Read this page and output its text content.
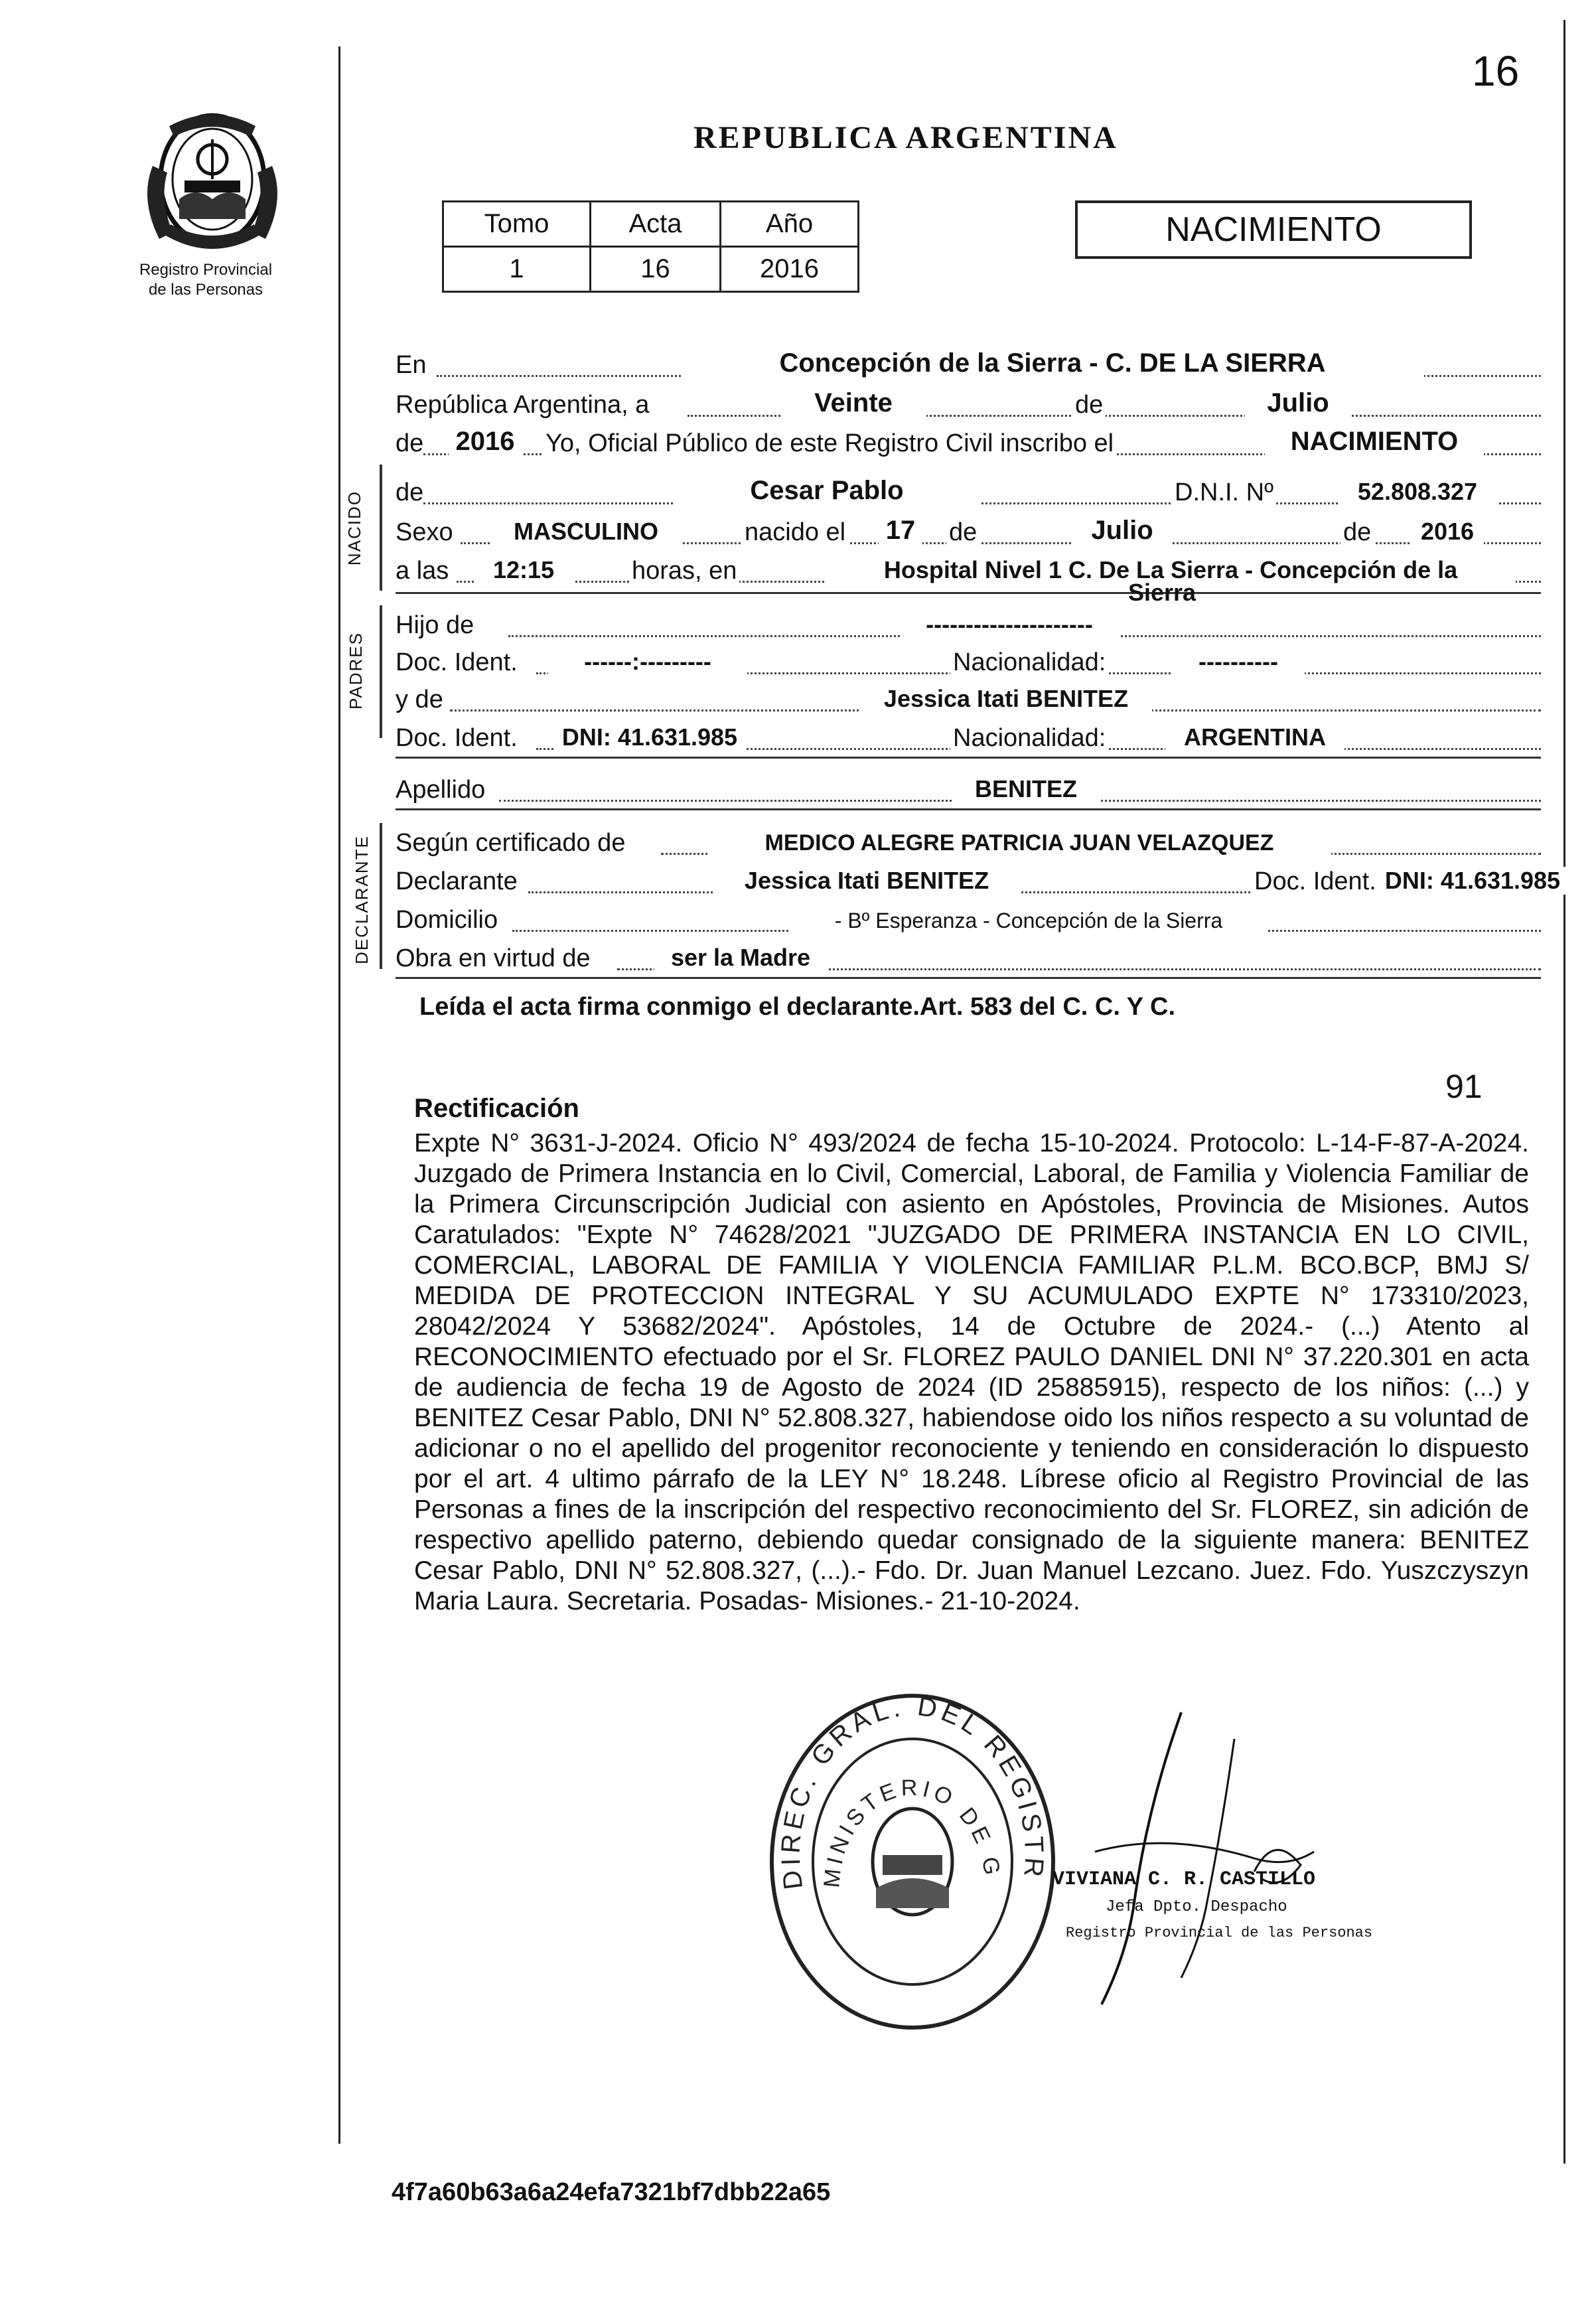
16
Registro Provincial
de las Personas
REPUBLICA ARGENTINA
Tomo	Acta	Año
1	16	2016
NACIMIENTO
En	Concepción de la Sierra - C. DE LA SIERRA
República Argentina, a	Veinte	de	Julio
de 2016 Yo, Oficial Público de este Registro Civil inscribo el	NACIMIENTO
NACIDO de	Cesar Pablo	D.N.I. Nº	52.808.327
Sexo	MASCULINO	nacido el 17 de	Julio	de	2016
a las	12:15	horas, en	Hospital Nivel 1 C. De La Sierra - Concepción de la
Sierra
PADRES
Hijo de	---------------------
Doc. Ident.	------:---------	Nacionalidad:	----------
y de	Jessica Itati BENITEZ
Doc. Ident.	DNI: 41.631.985	Nacionalidad:	ARGENTINA
Apellido	BENITEZ
DECLARANTE Según certificado de	MEDICO ALEGRE PATRICIA JUAN VELAZQUEZ
Declarante	Jessica Itati BENITEZ	Doc. Ident. DNI: 41.631.985
Domicilio	- Bº Esperanza - Concepción de la Sierra
Obra en virtud de	ser la Madre
Leída el acta firma conmigo el declarante.Art. 583 del C. C. Y C.
91
Rectificación
Expte N° 3631-J-2024. Oficio N° 493/2024 de fecha 15-10-2024. Protocolo: L-14-F-87-A-2024. Juzgado de Primera Instancia en lo Civil, Comercial, Laboral, de Familia y Violencia Familiar de la Primera Circunscripción Judicial con asiento en Apóstoles, Provincia de Misiones. Autos Caratulados: "Expte N° 74628/2021 "JUZGADO DE PRIMERA INSTANCIA EN LO CIVIL, COMERCIAL, LABORAL DE FAMILIA Y VIOLENCIA FAMILIAR P.L.M. BCO.BCP, BMJ S/ MEDIDA DE PROTECCION INTEGRAL Y SU ACUMULADO EXPTE N° 173310/2023, 28042/2024 Y 53682/2024". Apóstoles, 14 de Octubre de 2024.- (...) Atento al RECONOCIMIENTO efectuado por el Sr. FLOREZ PAULO DANIEL DNI N° 37.220.301 en acta de audiencia de fecha 19 de Agosto de 2024 (ID 25885915), respecto de los niños: (...) y BENITEZ Cesar Pablo, DNI N° 52.808.327, habiendose oido los niños respecto a su voluntad de adicionar o no el apellido del progenitor reconociente y teniendo en consideración lo dispuesto por el art. 4 ultimo párrafo de la LEY N° 18.248. Líbrese oficio al Registro Provincial de las Personas a fines de la inscripción del respectivo reconocimiento del Sr. FLOREZ, sin adición de respectivo apellido paterno, debiendo quedar consignado de la siguiente manera: BENITEZ Cesar Pablo, DNI N° 52.808.327, (...).- Fdo. Dr. Juan Manuel Lezcano. Juez. Fdo. Yuszczyszyn Maria Laura. Secretaria. Posadas- Misiones.- 21-10-2024.
DIREC. GRAL. DEL REGISTR
MINISTERIO DE G VIVIANA C. R. CASTILLO
Jefa Dpto. Despacho
Registro Provincial de las Personas
4f7a60b63a6a24efa7321bf7dbb22a65
